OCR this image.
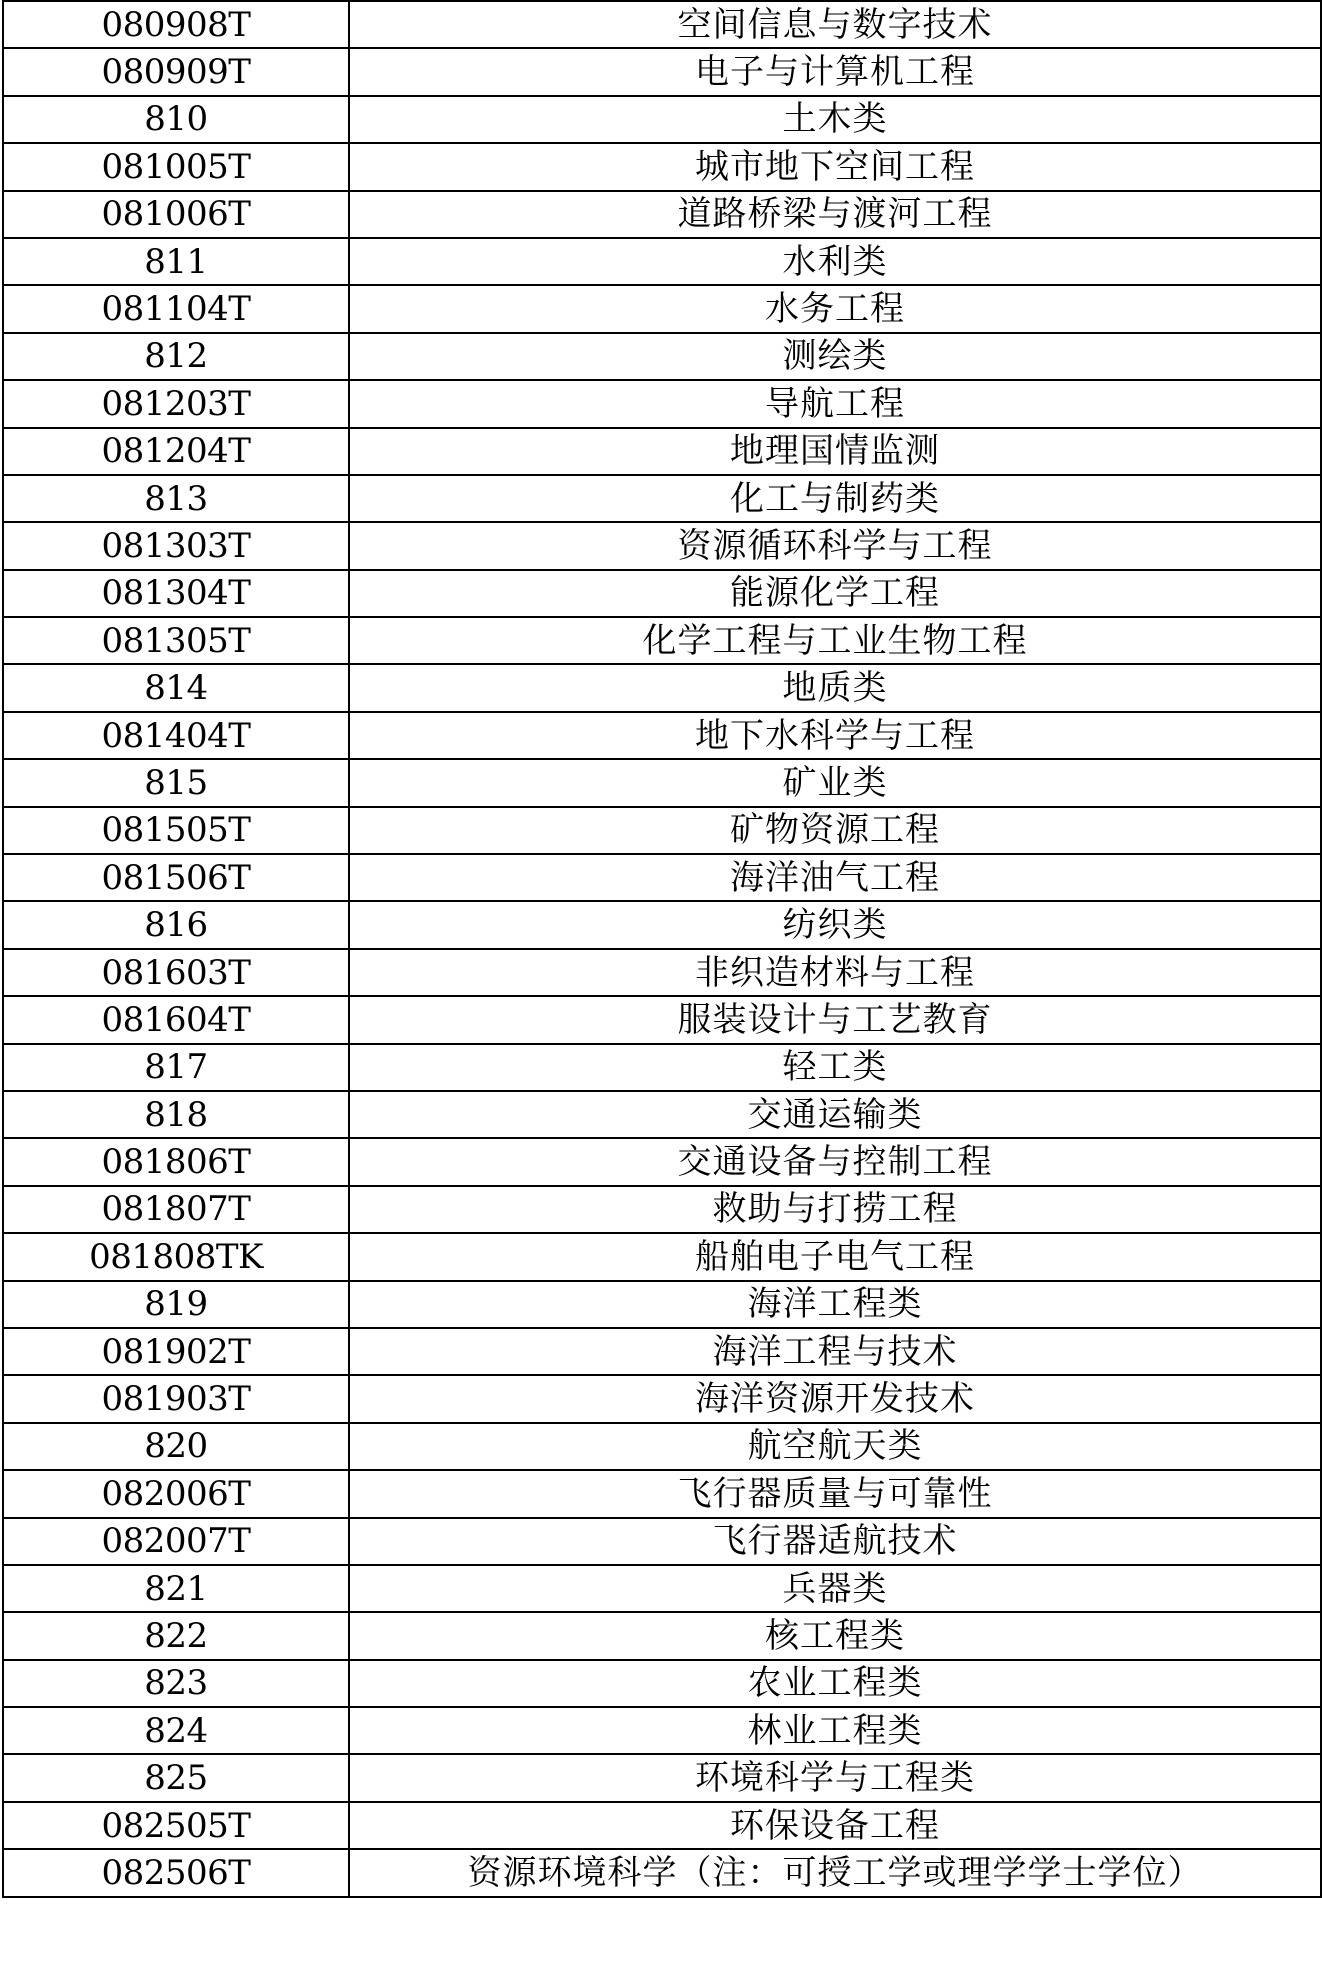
080908T	空间信息与数字技术
080909T	电子与计算机工程
810	土木类
081005T	城市地下空间工程
081006T	道路桥梁与渡河工程
811	水利类
081104T	水务工程
812	测绘类
081203T	导航工程
081204T	地理国情监测
813	化工与制药类
081303T	资源循环科学与工程
081304T	能源化学工程
081305T	化学工程与工业生物工程
814	地质类
081404T	地下水科学与工程
815	矿业类
081505T	矿物资源工程
081506T	海洋油气工程
816	纺织类
081603T	非织造材料与工程
081604T	服装设计与工艺教育
817	轻工类
818	交通运输类
081806T	交通设备与控制工程
081807T	救助与打捞工程
081808TK	船舶电子电气工程
819	海洋工程类
081902T	海洋工程与技术
081903T	海洋资源开发技术
820	航空航天类
082006T	飞行器质量与可靠性
082007T	飞行器适航技术
821	兵器类
822	核工程类
823	农业工程类
824	林业工程类
825	环境科学与工程类
082505T	环保设备工程
082506T	资源环境科学（注：可授工学或理学学士学位）
